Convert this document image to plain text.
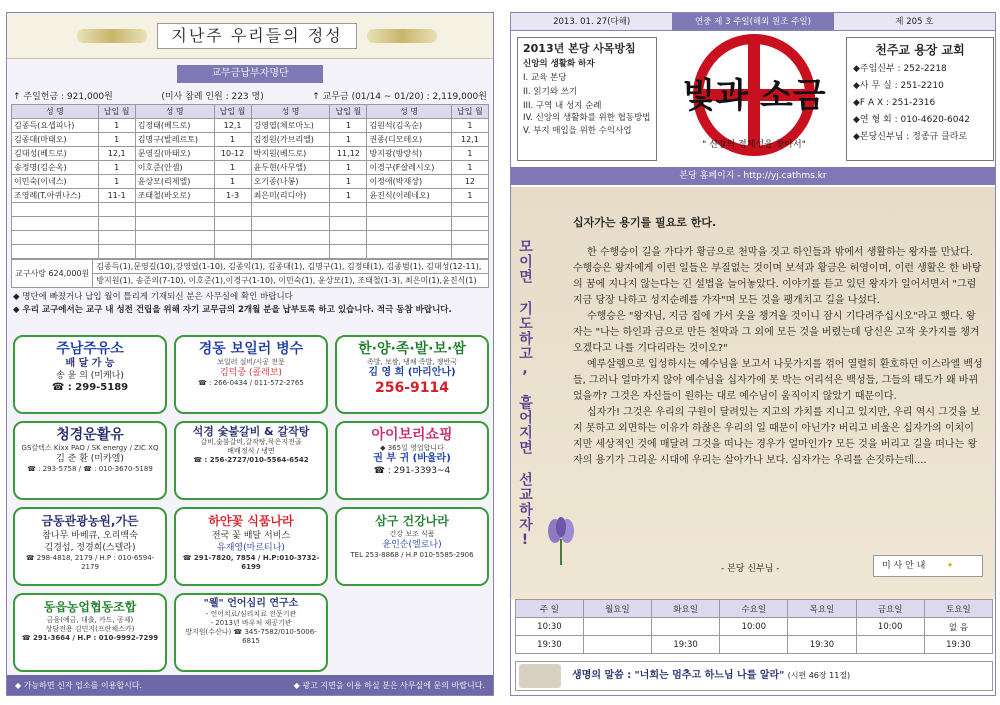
지난주 우리들의 정성
교무금납부자명단
↑ 주일헌금 : 921,000원	(미사 참례 인원 : 223 명)	↑ 교무금 (01/14 ~ 01/20) : 2,119,000원
성 명	납입 월	성 명	납입 월	성 명	납입 월	성 명	납입 월
김종득(요셉피나)	1	김정태(베드로)	12,1	강영엽(체로마노)	1	김원석(김옥순)	1
김종대(마태오)	1	김명구(발레르토)	1	김정원(가브리엘)	1	권종(디모테오)	12,1
김대성(베드로)	12,1	문영길(마태오)	10-12	박지원(베드로)	11,12	방지광(방랑석)	1
송정명(김순옥)	1	이호준(안셈)	1	윤두현(사무엘)	1	이경구(F살레시오)	1
이민숙(이네스)	1	윤상모(리제엘)	1	오기종(나봉)	1	이정애(박재상)	12
조영례(T.아퀴나스)	11-1	조태철(바오로)	1-3	최은미(리디아)	1	윤진식(이레네오)	1

교구사랑 624,000원	김종득(1),문영길(10),강영엽(1-10), 김종익(1), 김종대(1), 김명구(1), 김정태(1), 김종범(1), 김대성(12-11),
방지원(1), 송준의(7-10), 이호준(1),이경구(1-10), 이민숙(1), 윤상모(1), 조태철(1-3), 최은미(1),윤진식(1)
◆ 명단에 빠졌거나 납입 월이 틀리게 기재되신 분은 사무실에 확인 바랍니다
◆ 우리 교구에서는 교구 내 성전 건립을 위해 자기 교무금의 2개월 분을 납부토록 하고 있습니다. 적극 동참 바랍니다.
주남주유소
배 달 가 능
송 윤 의 (미케나)
☎ : 299-5189
경동 보일러 병수
보일러 설비/시공 전문
김덕중 (콜레보)
☎ : 266-0434 / 011-572-2765
한·양·족·발·보·쌈
족발, 보쌈, 냉채 족발, 쟁반국
김 영 희 (마리안나)
256-9114
청경운활유
GS칼텍스 Kixx PAO / SK energy / ZIC XQ
김 준 환 (미카엘)
☎ : 293-5758 / ☎ : 010-3670-5189
석경 숯불갈비 & 갈작탕
갈비,숯불갈비,갈작탕,묵은지전골
배배정식 / 냉면
☎ : 256-2727/010-5564-6542
아이보리쇼핑
◆ 365일 영업합니다
권 부 귀 (바울라)
☎ : 291-3393~4
금동관광농원,가든
참나무 바베큐, 오리백숙
김경섭, 정경희(스텔라)
☎ 298-4818, 2179 / H.P : 010-6594-2179
하얀꽃 식품나라
전국 꽃 배달 서비스
유재영(마르티나)
☎ 291-7820, 7854 / H.P:010-3732-6199
삼구 건강나라
건강 보조 식품
윤인순(엘로나)
TEL 253-8868 / H.P 010-5585-2906
동읍농업협동조합
금융(예금, 대출, 카드, 공제)
상담전용 김민지(프란체스카)
☎ 291-3664 / H.P : 010-9992-7299
"웰" 언어심리 연구소
- 언어치료/심리치료 전문기관
- 2013년 바우처 제공기관
방지원(수산나) ☎ 345-7582/010-5006-6815
◆ 가능하면 신자 업소를 이용합시다.	◆ 광고 지면을 이용 하실 분은 사무실에 문의 바랍니다.
2013. 01. 27(다해)	연중 제 3 주일(해외 원조 주일)	제 205 호
2013년 본당 사목방침
신앙의 생활화 하자
I. 교육 본당
II. 읽기와 쓰기
III. 구역 내 성지 순례
IV. 신앙의 생활화를 위한 협동방법
V. 부지 매입을 위한 수익사업
빛과 소금
" 신앙의 정체성을 찾아서"
천주교 용장 교회
◆주임신부 : 252-2218
◆사 무 실 : 251-2210
◆F A X : 251-2316
◆연 형 회 : 010-4620-6042
◆본당신부님 : 정종규 클라로
본당 홈페이지 - http://yj.cathms.kr
모이면 기도하고, 흩어지면 선교하자!
십자가는 용기를 필요로 한다.

한 수행승이 길을 가다가 황금으로 천막을 짓고 하인들과 밖에서 생활하는 왕자를 만났다. 수행승은 왕자에게 이런 일들은 부질없는 것이며 보석과 황금은 허영이며, 이런 생활은 한 바탕의 꿈에 지나지 않는다는 긴 설법을 늘어놓았다. 이야기를 듣고 있던 왕자가 일어서면서 "그럼 지금 당장 나하고 성지순례를 가자"며 모든 것을 팽개치고 길을 나섰다.

수행승은 "왕자님, 지금 집에 가서 옷을 챙겨올 것이니 잠시 기다려주십시오"라고 했다. 왕자는 "나는 하인과 금으로 만든 천막과 그 외에 모든 것을 버렸는데 당신은 고작 옷가지를 챙겨 오겠다고 나를 기다리라는 것이오?"

예루살렘으로 입성하시는 예수님을 보고서 나뭇가지를 꺾어 열렬히 환호하던 이스라엘 백성들, 그러나 얼마가지 않아 예수님을 십자가에 못 박는 어리석은 백성들, 그들의 태도가 왜 바뀌었을까? 그것은 자신들이 원하는 대로 예수님이 움직이지 않았기 때문이다.

십자가! 그것은 우리의 구원이 달려있는 지고의 가치를 지니고 있지만, 우리 역시 그것을 보지 못하고 외면하는 이유가 하찮은 우리의 일 때문이 아닌가? 버리고 비울은 십자가의 이치이지만 세상적인 것에 매달려 그것을 떠나는 경우가 얼마인가? 모든 것을 버리고 길을 떠나는 왕자의 용기가 그리운 시대에 우리는 살아가나 보다. 십자가는 우리를 손짓하는데....

- 본당 신부님 -	미 사 안 내 ✦
주 일	월요일	화요일	수요일	목요일	금요일	토요일
10:30			10:00		10:00	없 음
19:30		19:30		19:30		19:30
생명의 말씀 : "너희는 멈추고 하느님 나를 알라" (시편 46장 11절)
